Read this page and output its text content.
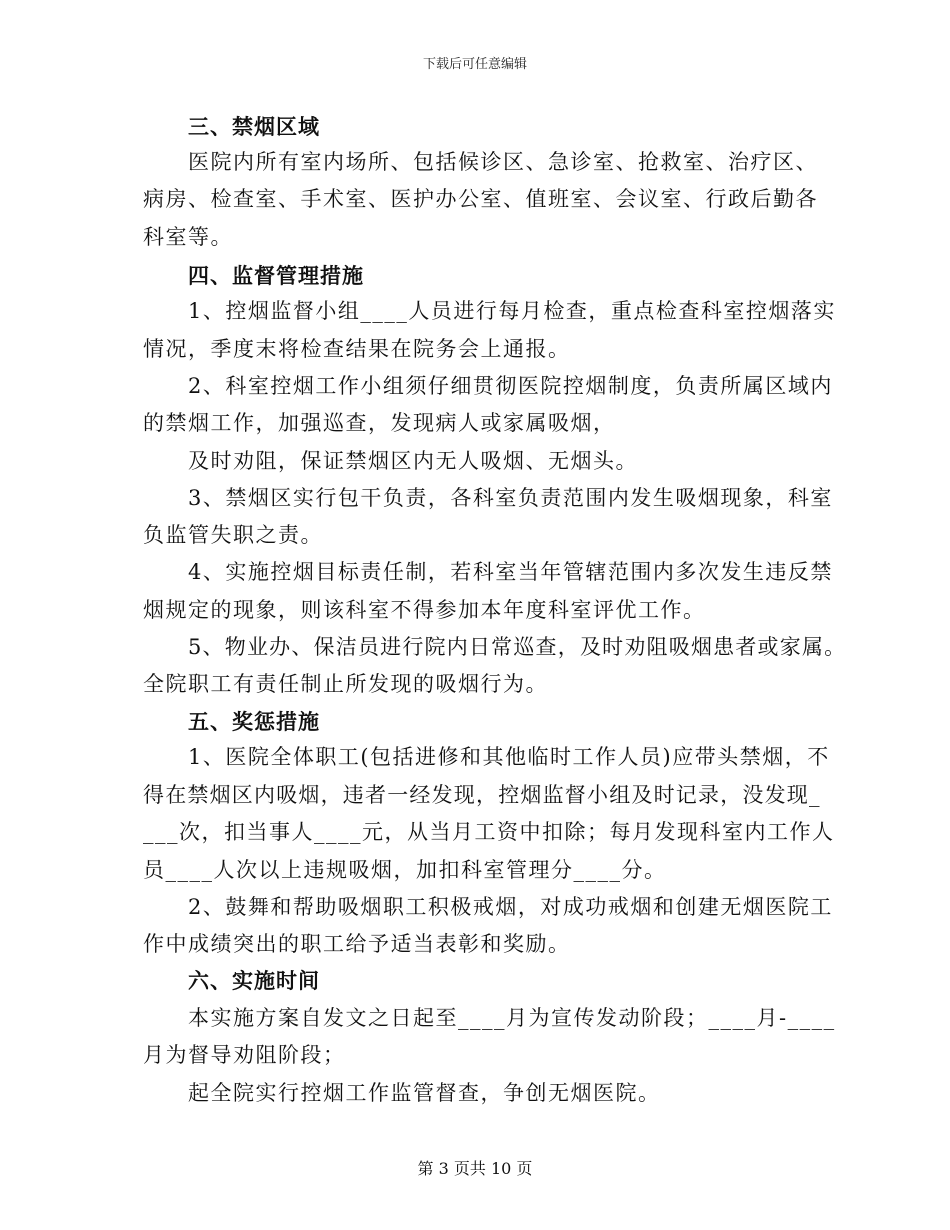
下载后可任意编辑
三、禁烟区域
医院内所有室内场所、包括候诊区、急诊室、抢救室、治疗区、
病房、检查室、手术室、医护办公室、值班室、会议室、行政后勤各
科室等。
四、监督管理措施
1、控烟监督小组____人员进行每月检查，重点检查科室控烟落实
情况，季度末将检查结果在院务会上通报。
2、科室控烟工作小组须仔细贯彻医院控烟制度，负责所属区域内
的禁烟工作，加强巡查，发现病人或家属吸烟，
及时劝阻，保证禁烟区内无人吸烟、无烟头。
3、禁烟区实行包干负责，各科室负责范围内发生吸烟现象，科室
负监管失职之责。
4、实施控烟目标责任制，若科室当年管辖范围内多次发生违反禁
烟规定的现象，则该科室不得参加本年度科室评优工作。
5、物业办、保洁员进行院内日常巡查，及时劝阻吸烟患者或家属。
全院职工有责任制止所发现的吸烟行为。
五、奖惩措施
1、医院全体职工(包括进修和其他临时工作人员)应带头禁烟，不
得在禁烟区内吸烟，违者一经发现，控烟监督小组及时记录，没发现_
___次，扣当事人____元，从当月工资中扣除；每月发现科室内工作人
员____人次以上违规吸烟，加扣科室管理分____分。
2、鼓舞和帮助吸烟职工积极戒烟，对成功戒烟和创建无烟医院工
作中成绩突出的职工给予适当表彰和奖励。
六、实施时间
本实施方案自发文之日起至____月为宣传发动阶段；____月-____
月为督导劝阻阶段；
起全院实行控烟工作监管督查，争创无烟医院。
第 3 页共 10 页
